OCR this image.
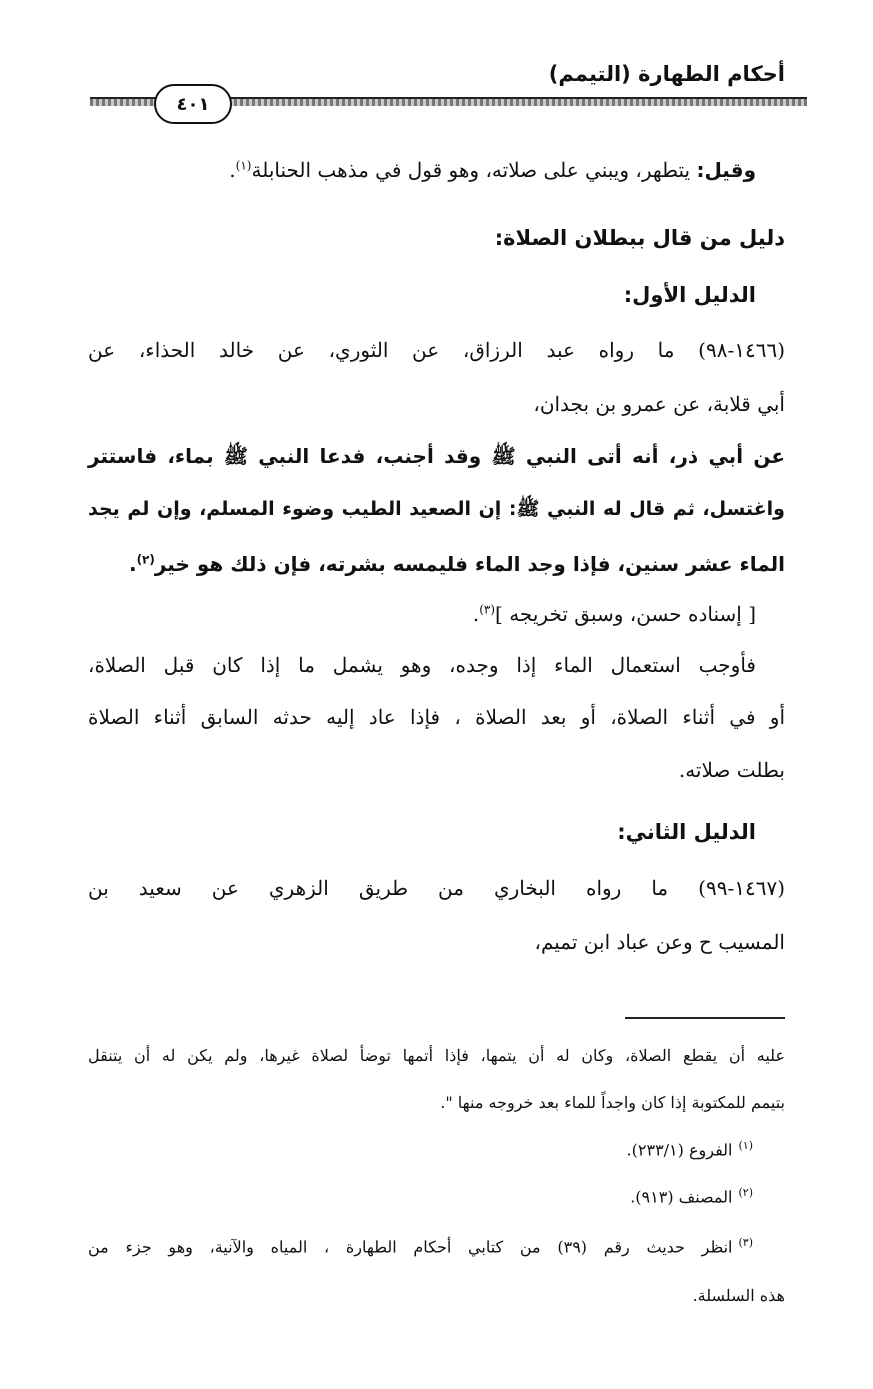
أحكام الطهارة (التيمم)
٤٠١
وقيل: يتطهر، ويبني على صلاته، وهو قول في مذهب الحنابلة$^{(١)}$.
دليل من قال ببطلان الصلاة:
الدليل الأول:
(١٤٦٦-٩٨) ما رواه عبد الرزاق، عن الثوري، عن خالد الحذاء، عن
أبي قلابة، عن عمرو بن بجدان،
عن أبي ذر، أنه أتى النبي ﷺ وقد أجنب، فدعا النبي ﷺ بماء، فاستتر
واغتسل، ثم قال له النبي ﷺ: إن الصعيد الطيب وضوء المسلم، وإن لم يجد
الماء عشر سنين، فإذا وجد الماء فليمسه بشرته، فإن ذلك هو خير$^{(٢)}$.
[ إسناده حسن، وسبق تخريجه ]$^{(٣)}$.
فأوجب استعمال الماء إذا وجده، وهو يشمل ما إذا كان قبل الصلاة،
أو في أثناء الصلاة، أو بعد الصلاة ، فإذا عاد إليه حدثه السابق أثناء الصلاة
بطلت صلاته.
الدليل الثاني:
(١٤٦٧-٩٩) ما رواه البخاري من طريق الزهري عن سعيد بن
المسيب ح وعن عباد ابن تميم،
عليه أن يقطع الصلاة، وكان له أن يتمها، فإذا أتمها توضأ لصلاة غيرها، ولم يكن له أن يتنقل
بتيمم للمكتوبة إذا كان واجداً للماء بعد خروجه منها ".
$^{(١)}$الفروع (٢٣٣/١).
$^{(٢)}$المصنف (٩١٣).
$^{(٣)}$انظر حديث رقم (٣٩) من كتابي أحكام الطهارة ، المياه والآنية، وهو جزء من
هذه السلسلة.
